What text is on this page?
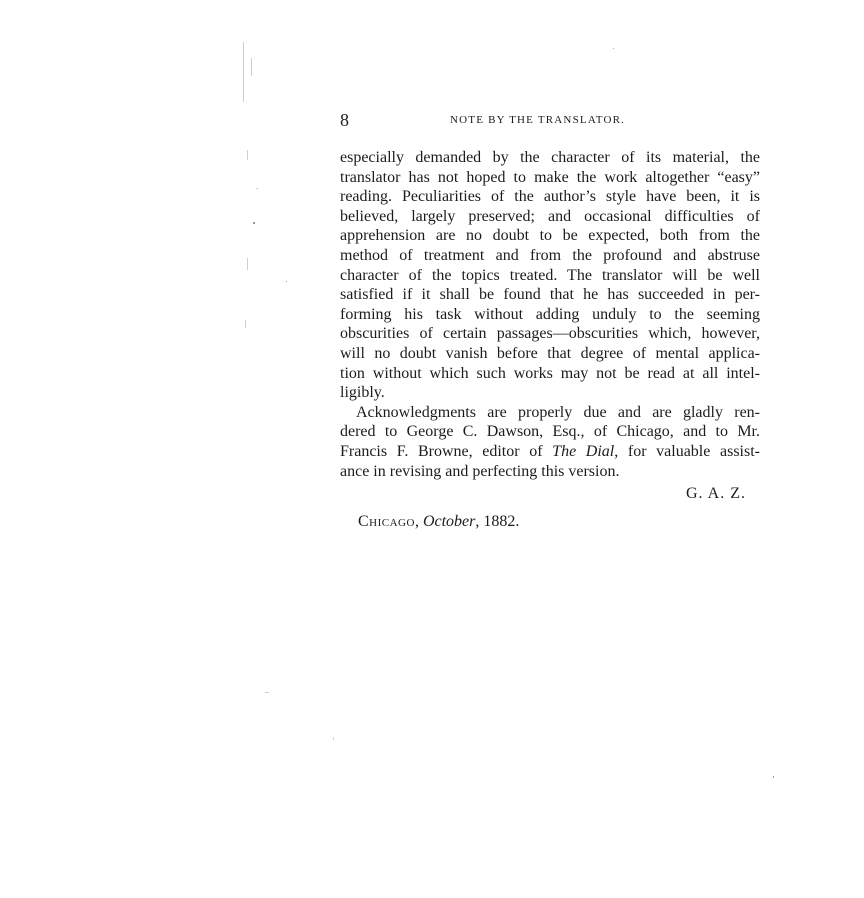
8	NOTE BY THE TRANSLATOR.
especially demanded by the character of its material, the
translator has not hoped to make the work altogether “easy”
reading. Peculiarities of the author’s style have been, it is
believed, largely preserved; and occasional difficulties of
apprehension are no doubt to be expected, both from the
method of treatment and from the profound and abstruse
character of the topics treated. The translator will be well
satisfied if it shall be found that he has succeeded in per-
forming his task without adding unduly to the seeming
obscurities of certain passages—obscurities which, however,
will no doubt vanish before that degree of mental applica-
tion without which such works may not be read at all intel-
ligibly.
Acknowledgments are properly due and are gladly ren-
dered to George C. Dawson, Esq., of Chicago, and to Mr.
Francis F. Browne, editor of The Dial, for valuable assist-
ance in revising and perfecting this version.
G. A. Z.
Chicago, October, 1882.
